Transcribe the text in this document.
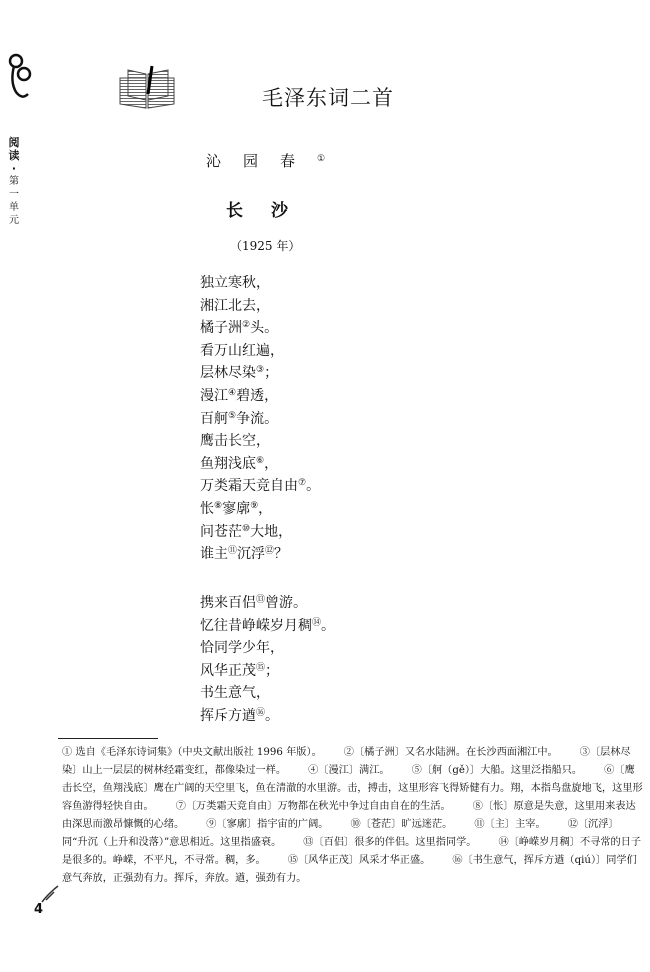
阅读
·
第一单元
毛泽东词二首
沁园春①
长沙
（1925 年）
独立寒秋，
湘江北去，
橘子洲②头。
看万山红遍，
层林尽染③；
漫江④碧透，
百舸⑤争流。
鹰击长空，
鱼翔浅底⑥，
万类霜天竞自由⑦。
怅⑧寥廓⑨，
问苍茫⑩大地，
谁主⑪沉浮⑫？
携来百侣⑬曾游。
忆往昔峥嵘岁月稠⑭。
恰同学少年，
风华正茂⑮；
书生意气，
挥斥方遒⑯。
① 选自《毛泽东诗词集》（中央文献出版社 1996 年版）。 ②〔橘子洲〕又名水陆洲。在长沙西面湘江中。 ③〔层林尽染〕山上一层层的树林经霜变红，都像染过一样。 ④〔漫江〕满江。 ⑤〔舸（gě）〕大船。这里泛指船只。 ⑥〔鹰击长空，鱼翔浅底〕鹰在广阔的天空里飞，鱼在清澈的水里游。击，搏击，这里形容飞得矫健有力。翔，本指鸟盘旋地飞，这里形容鱼游得轻快自由。 ⑦〔万类霜天竞自由〕万物都在秋光中争过自由自在的生活。 ⑧〔怅〕原意是失意，这里用来表达由深思而激昂慷慨的心绪。 ⑨〔寥廓〕指宇宙的广阔。 ⑩〔苍茫〕旷远迷茫。 ⑪〔主〕主宰。 ⑫〔沉浮〕同“升沉（上升和没落）”意思相近。这里指盛衰。 ⑬〔百侣〕很多的伴侣。这里指同学。 ⑭〔峥嵘岁月稠〕不寻常的日子是很多的。峥嵘，不平凡，不寻常。稠，多。 ⑮〔风华正茂〕风采才华正盛。 ⑯〔书生意气，挥斥方遒（qiú）〕同学们意气奔放，正强劲有力。挥斥，奔放。遒，强劲有力。
4
